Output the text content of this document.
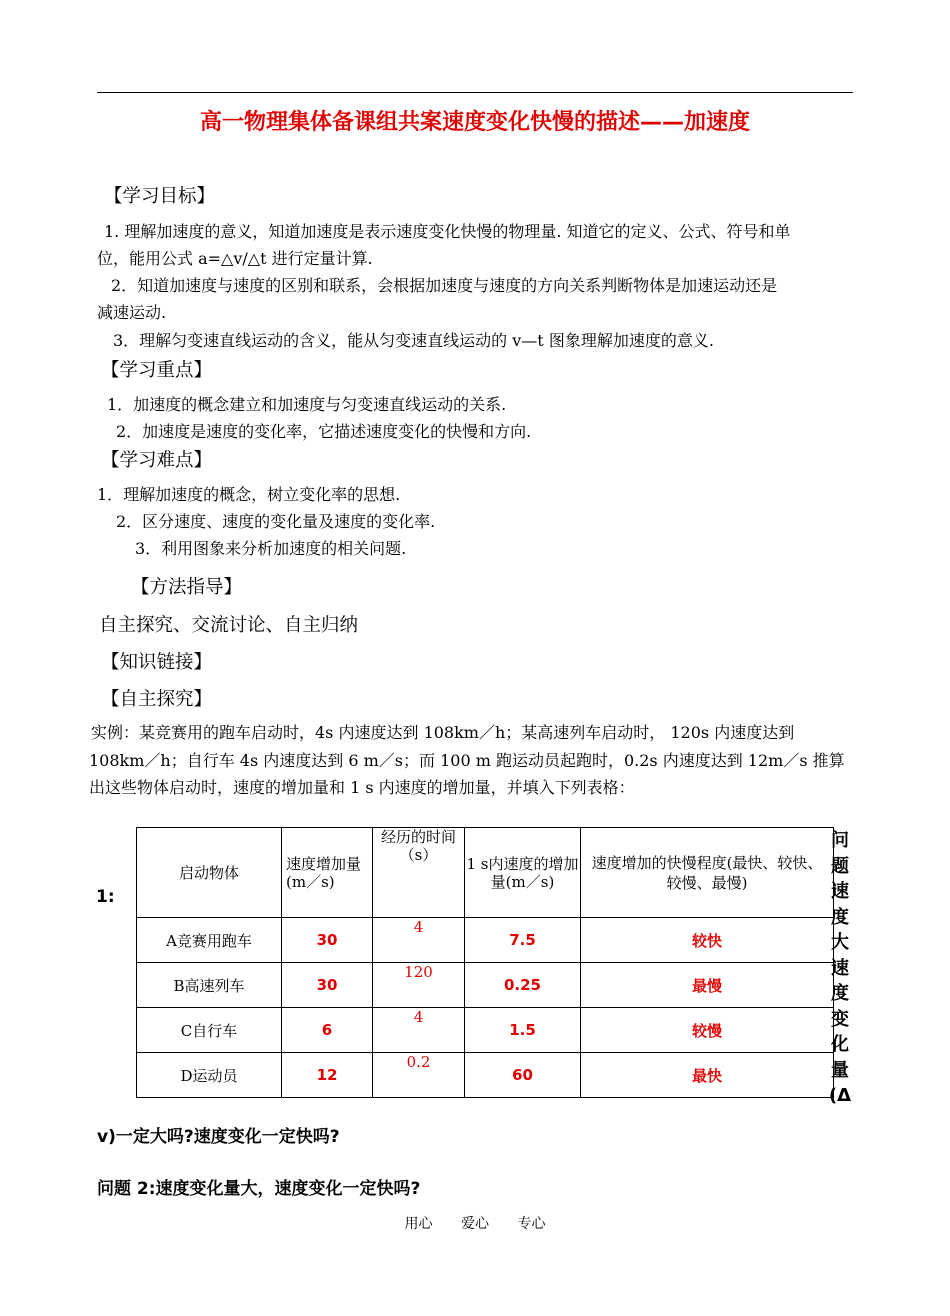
高一物理集体备课组共案速度变化快慢的描述——加速度
【学习目标】
1. 理解加速度的意义，知道加速度是表示速度变化快慢的物理量. 知道它的定义、公式、符号和单
位，能用公式 a=△v/△t 进行定量计算.
2．知道加速度与速度的区别和联系，会根据加速度与速度的方向关系判断物体是加速运动还是
减速运动.
3．理解匀变速直线运动的含义，能从匀变速直线运动的 v—t 图象理解加速度的意义.
【学习重点】
1．加速度的概念建立和加速度与匀变速直线运动的关系.
2．加速度是速度的变化率，它描述速度变化的快慢和方向.
【学习难点】
1．理解加速度的概念，树立变化率的思想.
2．区分速度、速度的变化量及速度的变化率.
3．利用图象来分析加速度的相关问题.
【方法指导】
自主探究、交流讨论、自主归纳
【知识链接】
【自主探究】
实例：某竞赛用的跑车启动时，4s 内速度达到 108km／h；某高速列车启动时， 120s 内速度达到
108km／h；自行车 4s 内速度达到 6 m／s；而 100 m 跑运动员起跑时，0.2s 内速度达到 12m／s 推算
出这些物体启动时，速度的增加量和 1 s 内速度的增加量，并填入下列表格：
1:
启动物体	速度增加量(m／s)	经历的时间（s）	1 s内速度的增加量(m／s)	速度增加的快慢程度(最快、较快、较慢、最慢)
A竞赛用跑车	30	4	7.5	较快
B高速列车	30	120	0.25	最慢
C自行车	6	4	1.5	较慢
D运动员	12	0.2	60	最快
问题速度大速度变化量(Δ
v)一定大吗?速度变化一定快吗?
问题 2:速度变化量大，速度变化一定快吗?
用心 爱心 专心
